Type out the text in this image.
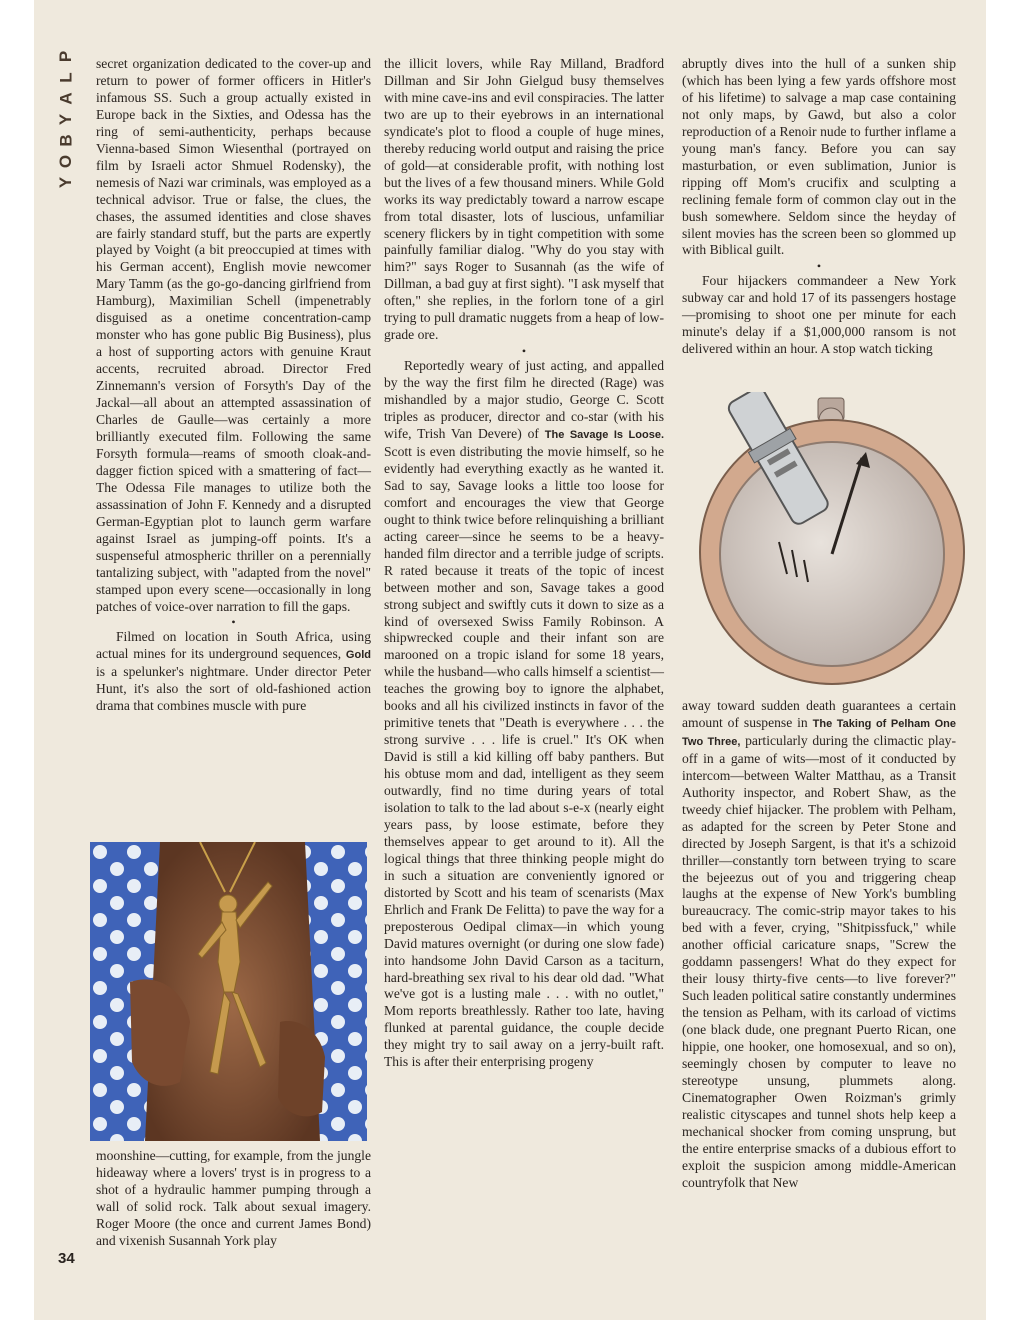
P
L
A
Y
B
O
Y
34

secret organization dedicated to the cover-up and return to power of former officers in Hitler's infamous SS. Such a group actually existed in Europe back in the Sixties, and Odessa has the ring of semi-authenticity, perhaps because Vienna-based Simon Wiesenthal (portrayed on film by Israeli actor Shmuel Rodensky), the nemesis of Nazi war criminals, was employed as a technical advisor. True or false, the clues, the chases, the assumed identities and close shaves are fairly standard stuff, but the parts are expertly played by Voight (a bit preoccupied at times with his German accent), English movie newcomer Mary Tamm (as the go-go-dancing girlfriend from Hamburg), Maximilian Schell (impenetrably disguised as a onetime concentration-camp monster who has gone public Big Business), plus a host of supporting actors with genuine Kraut accents, recruited abroad. Director Fred Zinnemann's version of Forsyth's Day of the Jackal—all about an attempted assassination of Charles de Gaulle—was certainly a more brilliantly executed film. Following the same Forsyth formula—reams of smooth cloak-and-dagger fiction spiced with a smattering of fact—The Odessa File manages to utilize both the assassination of John F. Kennedy and a disrupted German-Egyptian plot to launch germ warfare against Israel as jumping-off points. It's a suspenseful atmospheric thriller on a perennially tantalizing subject, with "adapted from the novel" stamped upon every scene—occasionally in long patches of voice-over narration to fill the gaps.

•

Filmed on location in South Africa, using actual mines for its underground sequences, Gold is a spelunker's nightmare. Under director Peter Hunt, it's also the sort of old-fashioned action drama that combines muscle with pure

moonshine—cutting, for example, from the jungle hideaway where a lovers' tryst is in progress to a shot of a hydraulic hammer pumping through a wall of solid rock. Talk about sexual imagery. Roger Moore (the once and current James Bond) and vixenish Susannah York play

the illicit lovers, while Ray Milland, Bradford Dillman and Sir John Gielgud busy themselves with mine cave-ins and evil conspiracies. The latter two are up to their eyebrows in an international syndicate's plot to flood a couple of huge mines, thereby reducing world output and raising the price of gold—at considerable profit, with nothing lost but the lives of a few thousand miners. While Gold works its way predictably toward a narrow escape from total disaster, lots of luscious, unfamiliar scenery flickers by in tight competition with some painfully familiar dialog. "Why do you stay with him?" says Roger to Susannah (as the wife of Dillman, a bad guy at first sight). "I ask myself that often," she replies, in the forlorn tone of a girl trying to pull dramatic nuggets from a heap of low-grade ore.

•

Reportedly weary of just acting, and appalled by the way the first film he directed (Rage) was mishandled by a major studio, George C. Scott triples as producer, director and co-star (with his wife, Trish Van Devere) of The Savage Is Loose. Scott is even distributing the movie himself, so he evidently had everything exactly as he wanted it. Sad to say, Savage looks a little too loose for comfort and encourages the view that George ought to think twice before relinquishing a brilliant acting career—since he seems to be a heavy-handed film director and a terrible judge of scripts. R rated because it treats of the topic of incest between mother and son, Savage takes a good strong subject and swiftly cuts it down to size as a kind of oversexed Swiss Family Robinson. A shipwrecked couple and their infant son are marooned on a tropic island for some 18 years, while the husband—who calls himself a scientist—teaches the growing boy to ignore the alphabet, books and all his civilized instincts in favor of the primitive tenets that "Death is everywhere . . . the strong survive . . . life is cruel." It's OK when David is still a kid killing off baby panthers. But his obtuse mom and dad, intelligent as they seem outwardly, find no time during years of total isolation to talk to the lad about s-e-x (nearly eight years pass, by loose estimate, before they themselves appear to get around to it). All the logical things that three thinking people might do in such a situation are conveniently ignored or distorted by Scott and his team of scenarists (Max Ehrlich and Frank De Felitta) to pave the way for a preposterous Oedipal climax—in which young David matures overnight (or during one slow fade) into handsome John David Carson as a taciturn, hard-breathing sex rival to his dear old dad. "What we've got is a lusting male . . . with no outlet," Mom reports breathlessly. Rather too late, having flunked at parental guidance, the couple decide they might try to sail away on a jerry-built raft. This is after their enterprising progeny

abruptly dives into the hull of a sunken ship (which has been lying a few yards offshore most of his lifetime) to salvage a map case containing not only maps, by Gawd, but also a color reproduction of a Renoir nude to further inflame a young man's fancy. Before you can say masturbation, or even sublimation, Junior is ripping off Mom's crucifix and sculpting a reclining female form of common clay out in the bush somewhere. Seldom since the heyday of silent movies has the screen been so glommed up with Biblical guilt.

•

Four hijackers commandeer a New York subway car and hold 17 of its passengers hostage—promising to shoot one per minute for each minute's delay if a $1,000,000 ransom is not delivered within an hour. A stop watch ticking

away toward sudden death guarantees a certain amount of suspense in The Taking of Pelham One Two Three, particularly during the climactic play-off in a game of wits—most of it conducted by intercom—between Walter Matthau, as a Transit Authority inspector, and Robert Shaw, as the tweedy chief hijacker. The problem with Pelham, as adapted for the screen by Peter Stone and directed by Joseph Sargent, is that it's a schizoid thriller—constantly torn between trying to scare the bejeezus out of you and triggering cheap laughs at the expense of New York's bumbling bureaucracy. The comic-strip mayor takes to his bed with a fever, crying, "Shitpissfuck," while another official caricature snaps, "Screw the goddamn passengers! What do they expect for their lousy thirty-five cents—to live forever?" Such leaden political satire constantly undermines the tension as Pelham, with its carload of victims (one black dude, one pregnant Puerto Rican, one hippie, one hooker, one homosexual, and so on), seemingly chosen by computer to leave no stereotype unsung, plummets along. Cinematographer Owen Roizman's grimly realistic cityscapes and tunnel shots help keep a mechanical shocker from coming unsprung, but the entire enterprise smacks of a dubious effort to exploit the suspicion among middle-American countryfolk that New
